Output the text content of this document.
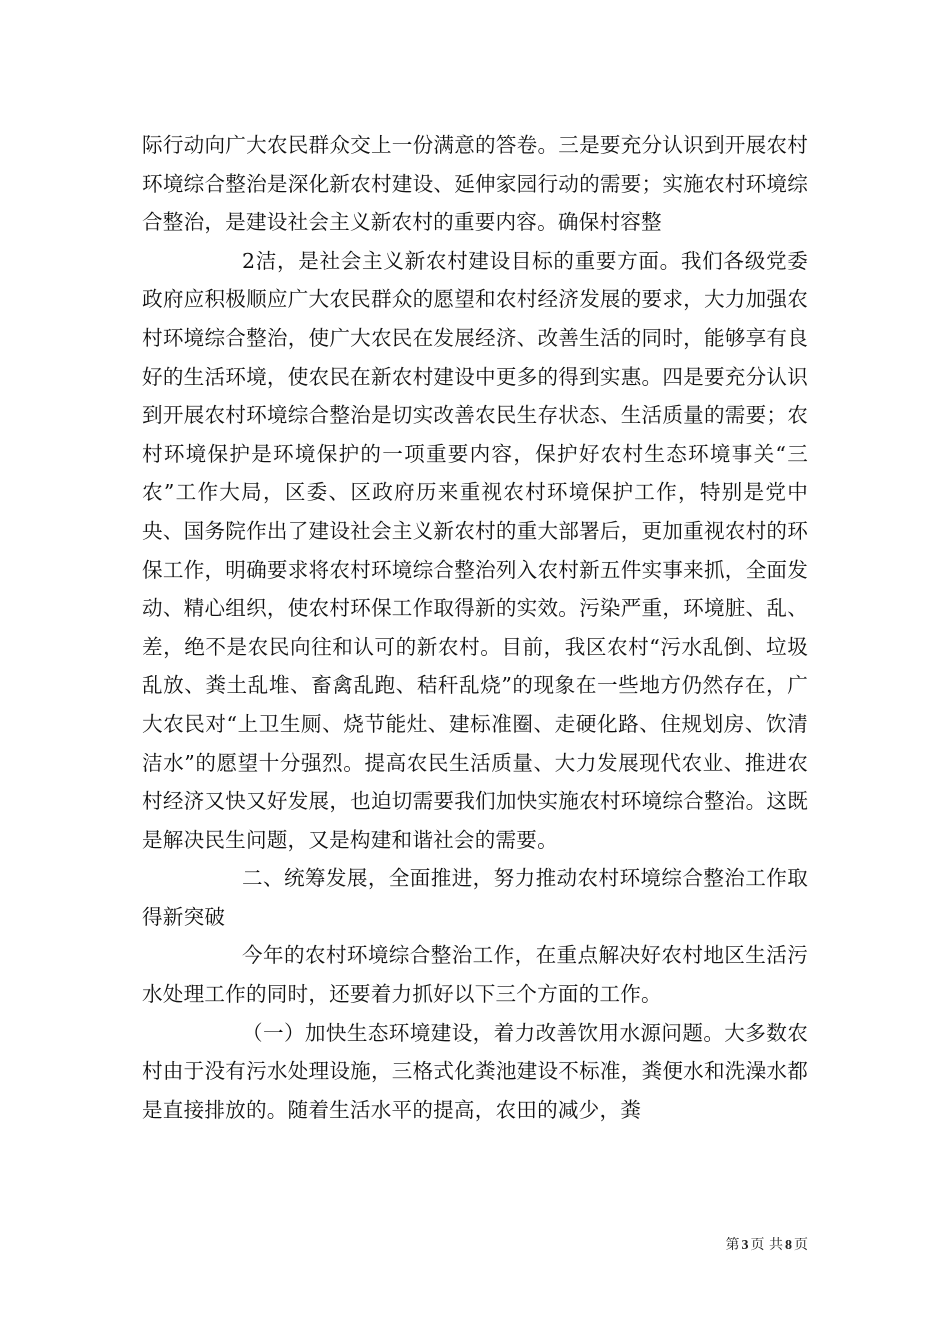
际行动向广大农民群众交上一份满意的答卷。三是要充分认识到开展农村环境综合整治是深化新农村建设、延伸家园行动的需要；实施农村环境综合整治，是建设社会主义新农村的重要内容。确保村容整

2洁，是社会主义新农村建设目标的重要方面。我们各级党委政府应积极顺应广大农民群众的愿望和农村经济发展的要求，大力加强农村环境综合整治，使广大农民在发展经济、改善生活的同时，能够享有良好的生活环境，使农民在新农村建设中更多的得到实惠。四是要充分认识到开展农村环境综合整治是切实改善农民生存状态、生活质量的需要；农村环境保护是环境保护的一项重要内容，保护好农村生态环境事关“三农”工作大局，区委、区政府历来重视农村环境保护工作，特别是党中央、国务院作出了建设社会主义新农村的重大部署后，更加重视农村的环保工作，明确要求将农村环境综合整治列入农村新五件实事来抓，全面发动、精心组织，使农村环保工作取得新的实效。污染严重，环境脏、乱、差，绝不是农民向往和认可的新农村。目前，我区农村“污水乱倒、垃圾乱放、粪土乱堆、畜禽乱跑、秸秆乱烧”的现象在一些地方仍然存在，广大农民对“上卫生厕、烧节能灶、建标准圈、走硬化路、住规划房、饮清洁水”的愿望十分强烈。提高农民生活质量、大力发展现代农业、推进农村经济又快又好发展，也迫切需要我们加快实施农村环境综合整治。这既是解决民生问题，又是构建和谐社会的需要。

二、统筹发展，全面推进，努力推动农村环境综合整治工作取得新突破

今年的农村环境综合整治工作，在重点解决好农村地区生活污水处理工作的同时，还要着力抓好以下三个方面的工作。

（一）加快生态环境建设，着力改善饮用水源问题。大多数农村由于没有污水处理设施，三格式化粪池建设不标准，粪便水和洗澡水都是直接排放的。随着生活水平的提高，农田的减少，粪

第 3 页 共 8 页
